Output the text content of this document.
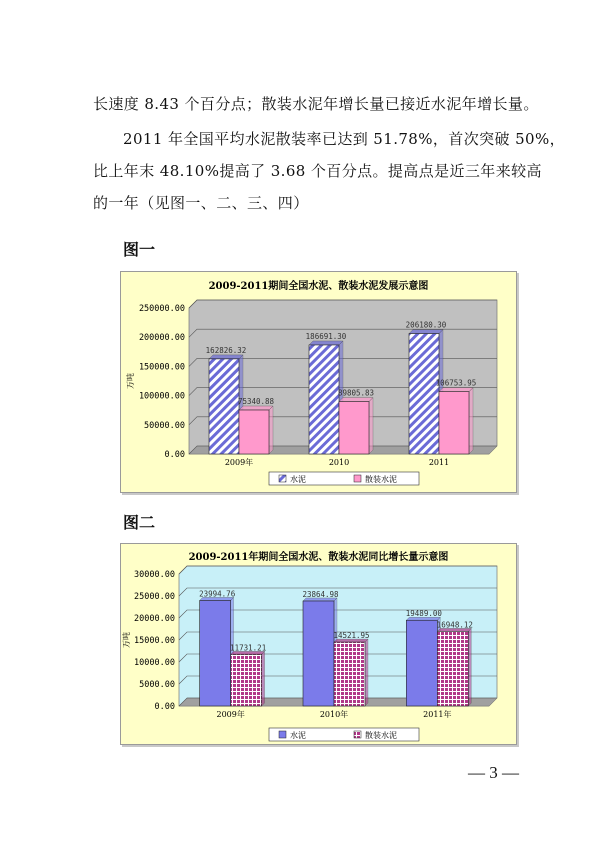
长速度 8.43 个百分点；散装水泥年增长量已接近水泥年增长量。
2011 年全国平均水泥散装率已达到 51.78%，首次突破 50%，
比上年末 48.10%提高了 3.68 个百分点。提高点是近三年来较高
的一年（见图一、二、三、四）
图一
2009-2011期间全国水泥、散装水泥发展示意图
0.00
50000.00
100000.00
150000.00
200000.00
250000.00
万吨
2009年
162826.32
75340.88
2010
186691.30
89805.83
2011
206180.30
106753.95
水泥	散装水泥
图二
2009-2011年期间全国水泥、散装水泥同比增长量示意图
0.00
5000.00
10000.00
15000.00
20000.00
25000.00
30000.00
万吨
2009年
23994.76
11731.21
2010年
23864.98
14521.95
2011年
19489.00
16948.12
水泥	散装水泥
— 3 —
